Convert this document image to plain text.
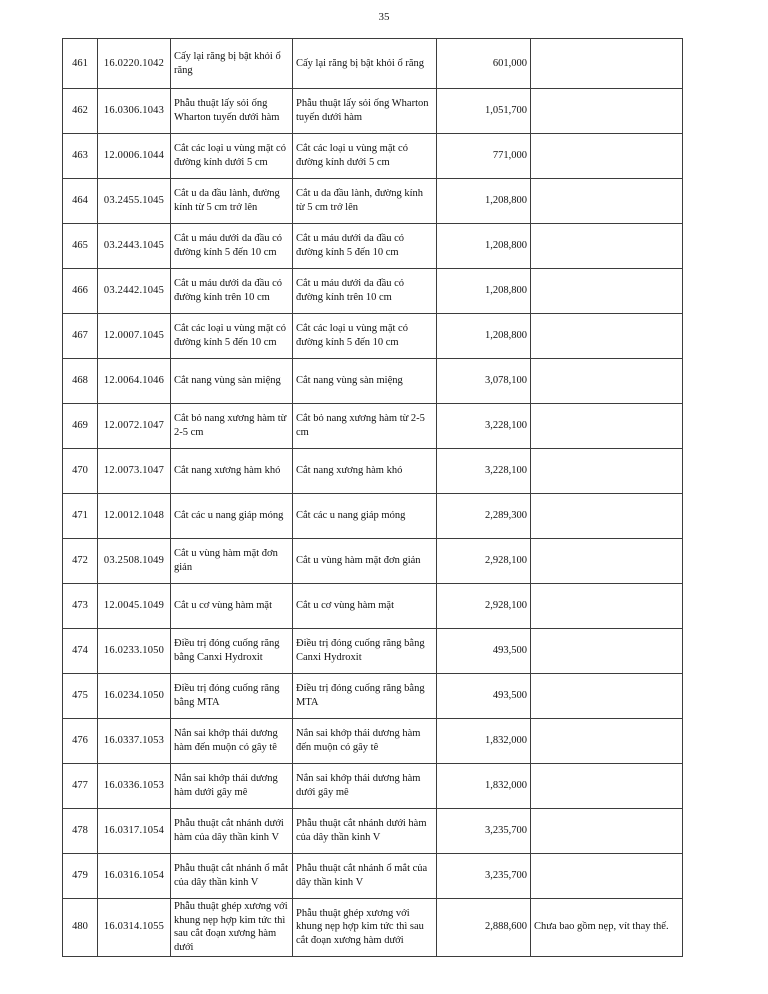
35
461	16.0220.1042	Cấy lại răng bị bật khỏi ổ răng	Cấy lại răng bị bật khỏi ổ răng	601,000	
462	16.0306.1043	Phẫu thuật lấy sỏi ống Wharton tuyến dưới hàm	Phẫu thuật lấy sỏi ống Wharton tuyến dưới hàm	1,051,700	
463	12.0006.1044	Cắt các loại u vùng mặt có đường kính dưới 5 cm	Cắt các loại u vùng mặt có đường kính dưới 5 cm	771,000	
464	03.2455.1045	Cắt u da đầu lành, đường kính từ 5 cm trở lên	Cắt u da đầu lành, đường kính từ 5 cm trở lên	1,208,800	
465	03.2443.1045	Cắt u máu dưới da đầu có đường kính 5 đến 10 cm	Cắt u máu dưới da đầu có đường kính 5 đến 10 cm	1,208,800	
466	03.2442.1045	Cắt u máu dưới da đầu có đường kính trên 10 cm	Cắt u máu dưới da đầu có đường kính trên 10 cm	1,208,800	
467	12.0007.1045	Cắt các loại u vùng mặt có đường kính 5 đến 10 cm	Cắt các loại u vùng mặt có đường kính 5 đến 10 cm	1,208,800	
468	12.0064.1046	Cắt nang vùng sàn miệng	Cắt nang vùng sàn miệng	3,078,100	
469	12.0072.1047	Cắt bỏ nang xương hàm từ 2-5 cm	Cắt bỏ nang xương hàm từ 2-5 cm	3,228,100	
470	12.0073.1047	Cắt nang xương hàm khó	Cắt nang xương hàm khó	3,228,100	
471	12.0012.1048	Cắt các u nang giáp móng	Cắt các u nang giáp móng	2,289,300	
472	03.2508.1049	Cắt u vùng hàm mặt đơn giản	Cắt u vùng hàm mặt đơn giản	2,928,100	
473	12.0045.1049	Cắt u cơ vùng hàm mặt	Cắt u cơ vùng hàm mặt	2,928,100	
474	16.0233.1050	Điều trị đóng cuống răng bằng Canxi Hydroxit	Điều trị đóng cuống răng bằng Canxi Hydroxit	493,500	
475	16.0234.1050	Điều trị đóng cuống răng bằng MTA	Điều trị đóng cuống răng bằng MTA	493,500	
476	16.0337.1053	Nắn sai khớp thái dương hàm đến muộn có gây tê	Nắn sai khớp thái dương hàm đến muộn có gây tê	1,832,000	
477	16.0336.1053	Nắn sai khớp thái dương hàm dưới gây mê	Nắn sai khớp thái dương hàm dưới gây mê	1,832,000	
478	16.0317.1054	Phẫu thuật cắt nhánh dưới hàm của dây thần kinh V	Phẫu thuật cắt nhánh dưới hàm của dây thần kinh V	3,235,700	
479	16.0316.1054	Phẫu thuật cắt nhánh ổ mắt của dây thần kinh V	Phẫu thuật cắt nhánh ổ mắt của dây thần kinh V	3,235,700	
480	16.0314.1055	Phẫu thuật ghép xương với khung nẹp hợp kim tức thì sau cắt đoạn xương hàm dưới	Phẫu thuật ghép xương với khung nẹp hợp kim tức thì sau cắt đoạn xương hàm dưới	2,888,600	Chưa bao gồm nẹp, vít thay thế.
